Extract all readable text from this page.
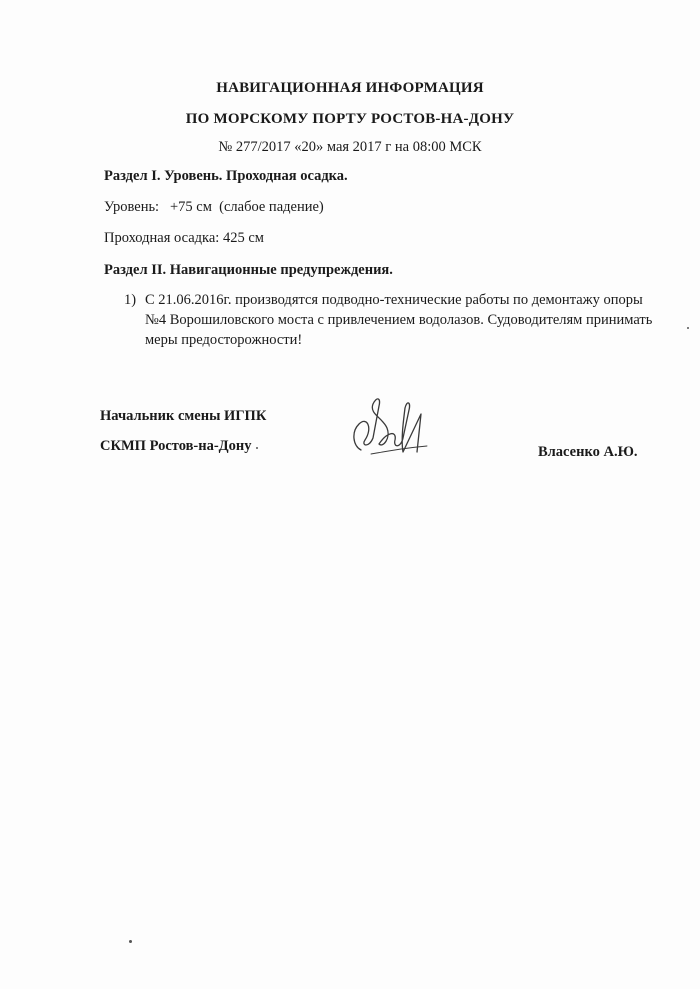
НАВИГАЦИОННАЯ ИНФОРМАЦИЯ

ПО МОРСКОМУ ПОРТУ РОСТОВ-НА-ДОНУ

№ 277/2017 «20» мая 2017 г на 08:00 МСК

Раздел I. Уровень. Проходная осадка.

Уровень:   +75 см  (слабое падение)

Проходная осадка: 425 см

Раздел II. Навигационные предупреждения.

1) С 21.06.2016г. производятся подводно-технические работы по демонтажу опоры №4 Ворошиловского моста с привлечением водолазов. Судоводителям принимать меры предосторожности!

Начальник смены ИГПК

СКМП Ростов-на-Дону	Власенко А.Ю.
